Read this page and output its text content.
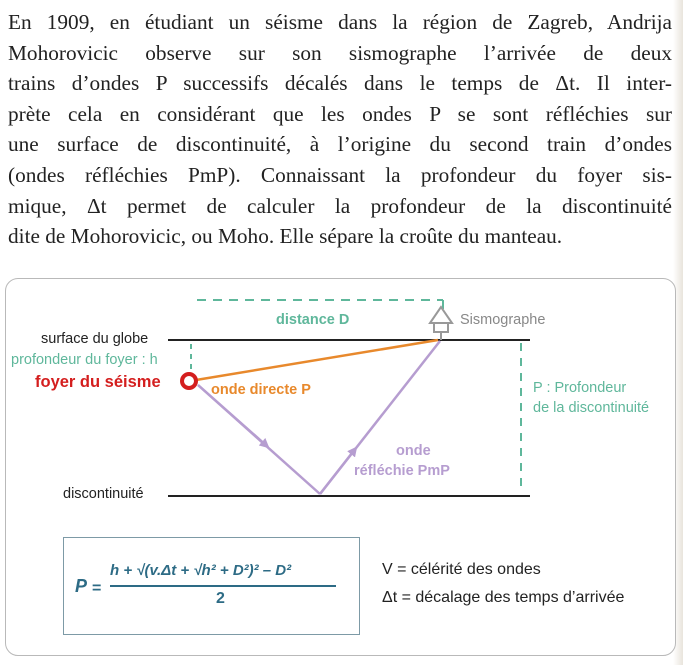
En 1909, en étudiant un séisme dans la région de Zagreb, Andrija
Mohorovicic observe sur son sismographe l’arrivée de deux
trains d’ondes P successifs décalés dans le temps de Δt. Il inter-
prète cela en considérant que les ondes P se sont réfléchies sur
une surface de discontinuité, à l’origine du second train d’ondes
(ondes réfléchies PmP). Connaissant la profondeur du foyer sis-
mique, Δt permet de calculer la profondeur de la discontinuité
dite de Mohorovicic, ou Moho. Elle sépare la croûte du manteau.
surface du globe
profondeur du foyer : h
foyer du séisme
distance D	Sismographe
onde directe P
onde
réfléchie PmP
P : Profondeur
de la discontinuité
discontinuité
P =
h + √(v.Δt + √h² + D²)² – D²
2
V = célérité des ondes
Δt = décalage des temps d’arrivée
